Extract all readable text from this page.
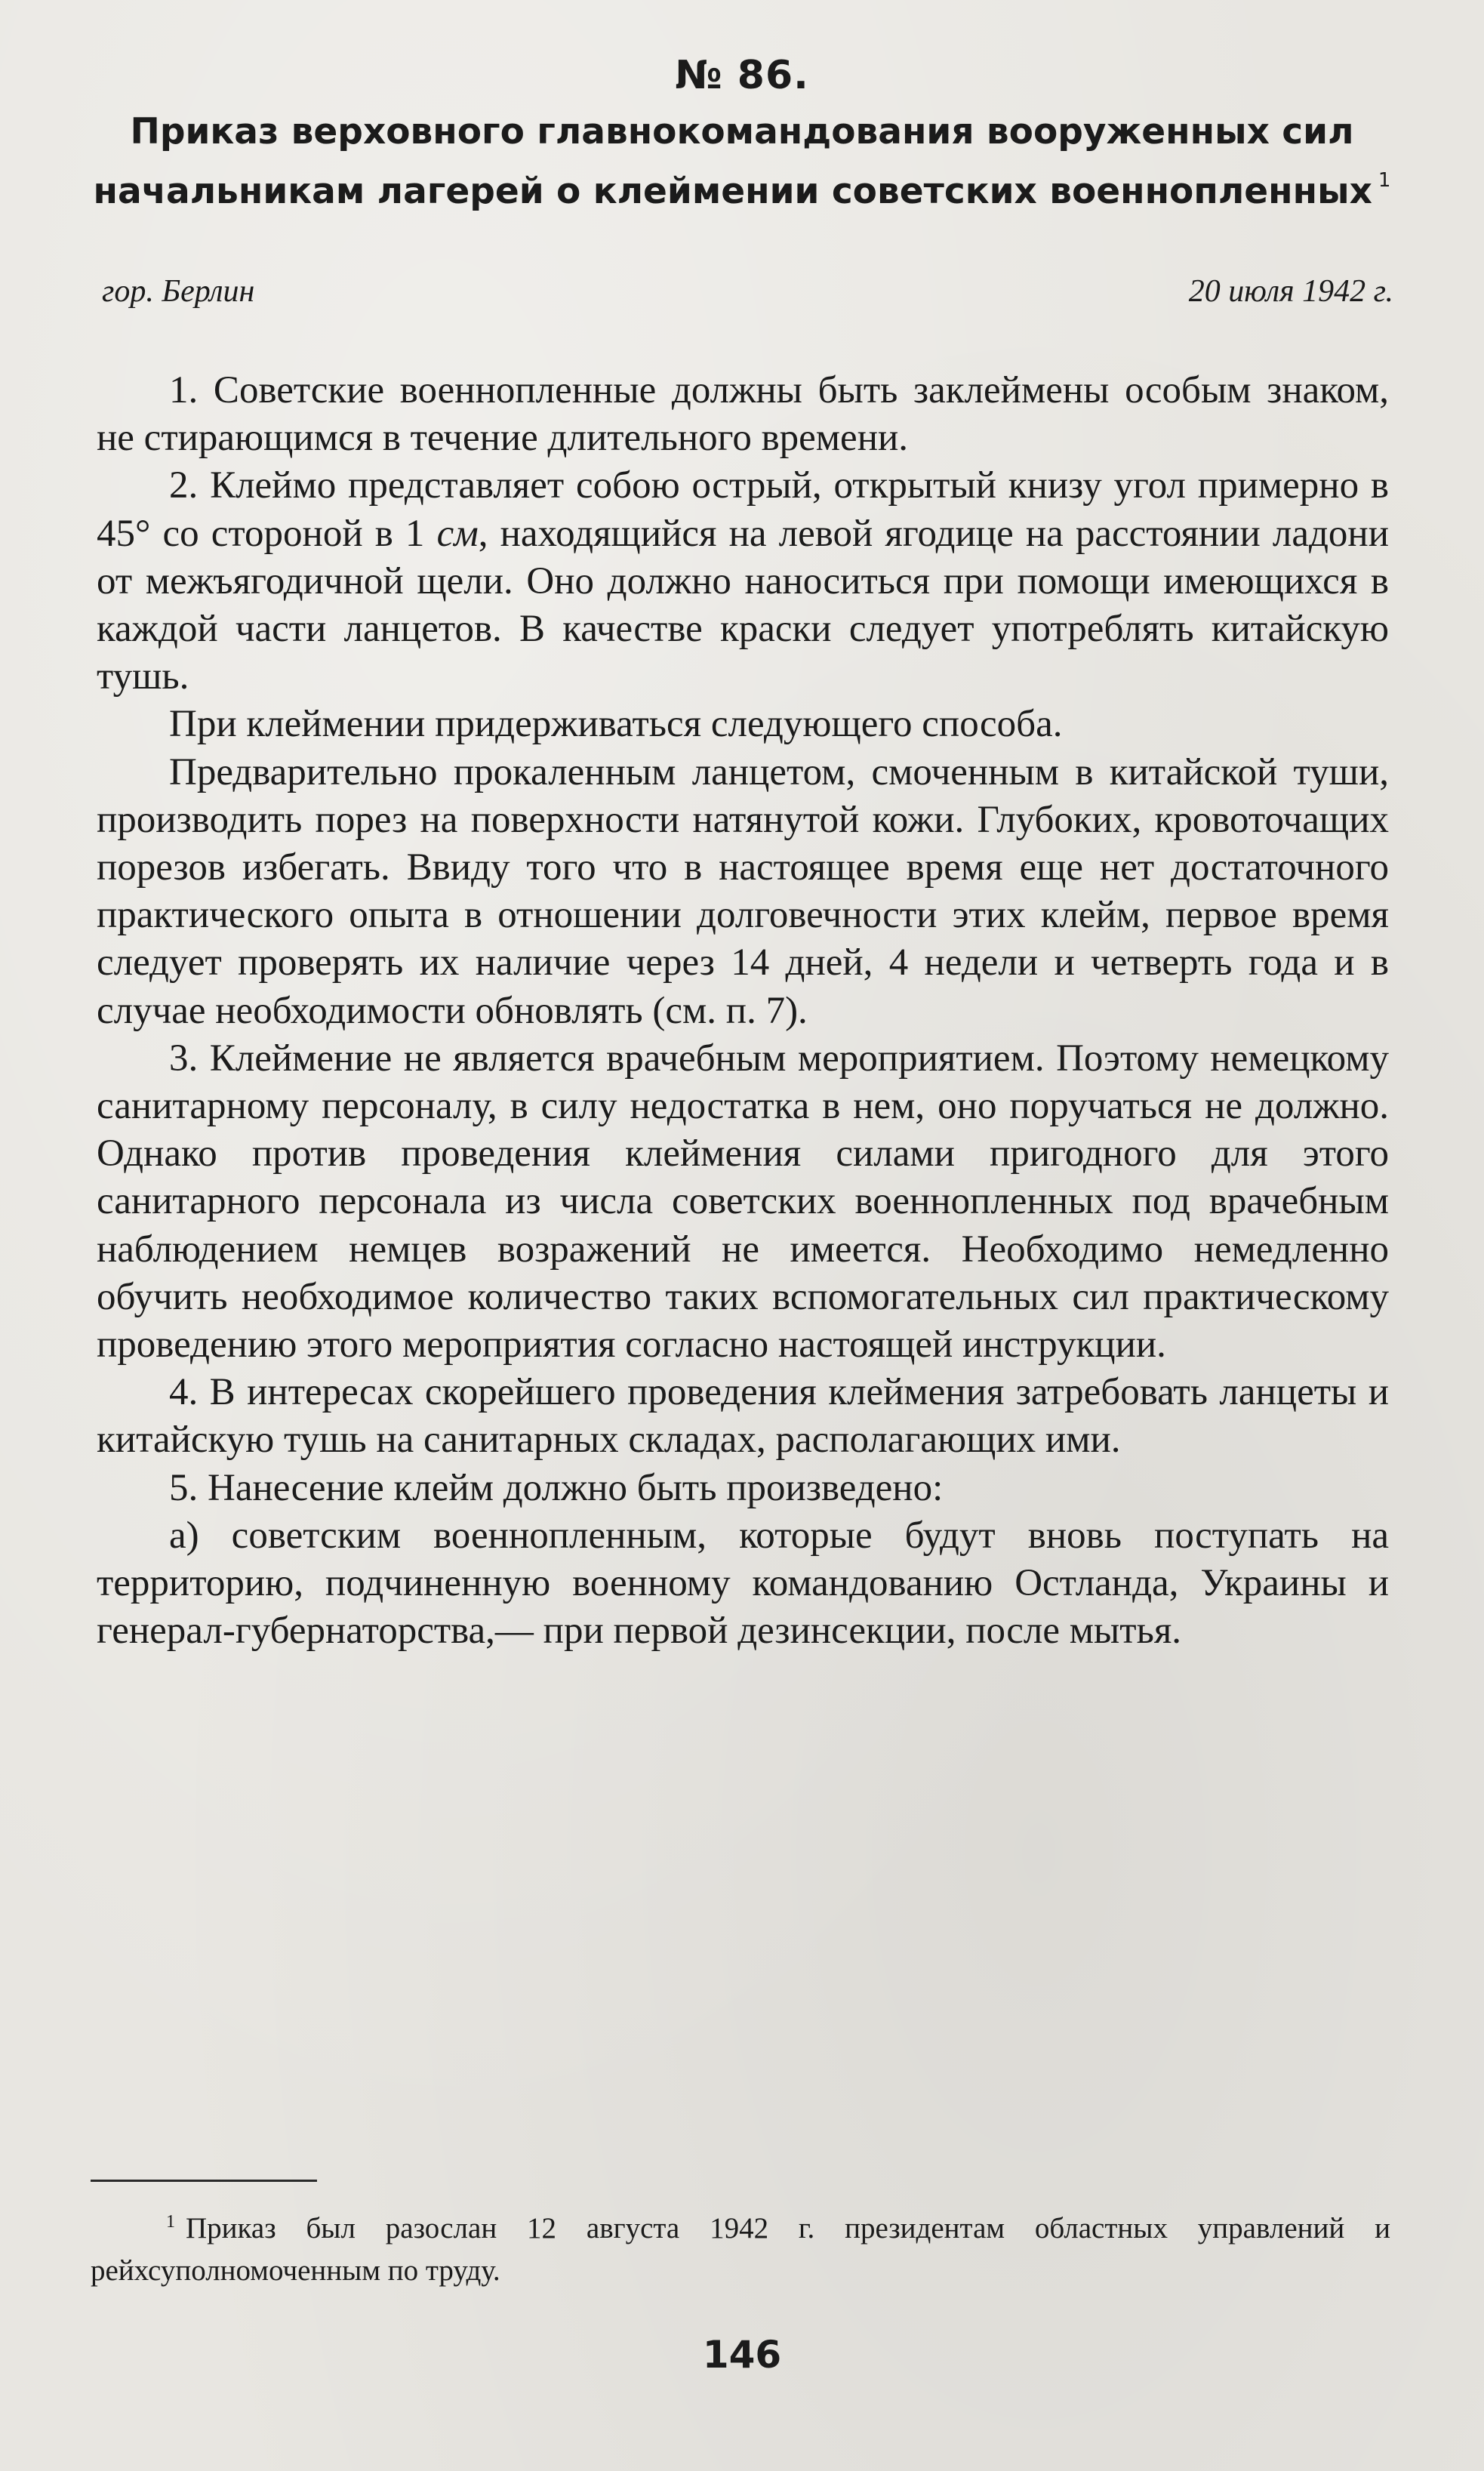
№ 86.
Приказ верховного главнокомандования вооруженных сил начальникам лагерей о клеймении советских военнопленных $^1$
гор. Берлин	20 июля 1942 г.

1. Советские военнопленные должны быть заклеймены особым знаком, не стирающимся в течение длительного времени.

2. Клеймо представляет собою острый, открытый книзу угол примерно в 45° со стороной в 1 см, находящийся на левой ягодице на расстоянии ладони от межъягодичной щели. Оно должно наноситься при помощи имеющихся в каждой части ланцетов. В качестве краски следует употреблять китайскую тушь.

При клеймении придерживаться следующего способа.

Предварительно прокаленным ланцетом, смоченным в китайской туши, производить порез на поверхности натянутой кожи. Глубоких, кровоточащих порезов избегать. Ввиду того что в настоящее время еще нет достаточного практического опыта в отношении долговечности этих клейм, первое время следует проверять их наличие через 14 дней, 4 недели и четверть года и в случае необходимости обновлять (см. п. 7).

3. Клеймение не является врачебным мероприятием. Поэтому немецкому санитарному персоналу, в силу недостатка в нем, оно поручаться не должно. Однако против проведения клеймения силами пригодного для этого санитарного персонала из числа советских военнопленных под врачебным наблюдением немцев возражений не имеется. Необходимо немедленно обучить необходимое количество таких вспомогательных сил практическому проведению этого мероприятия согласно настоящей инструкции.

4. В интересах скорейшего проведения клеймения затребовать ланцеты и китайскую тушь на санитарных складах, располагающих ими.

5. Нанесение клейм должно быть произведено:

а) советским военнопленным, которые будут вновь поступать на территорию, подчиненную военному командованию Остланда, Украины и генерал-губернаторства,— при первой дезинсекции, после мытья.

$^1$ Приказ был разослан 12 августа 1942 г. президентам областных управлений и рейхсуполномоченным по труду.

146
